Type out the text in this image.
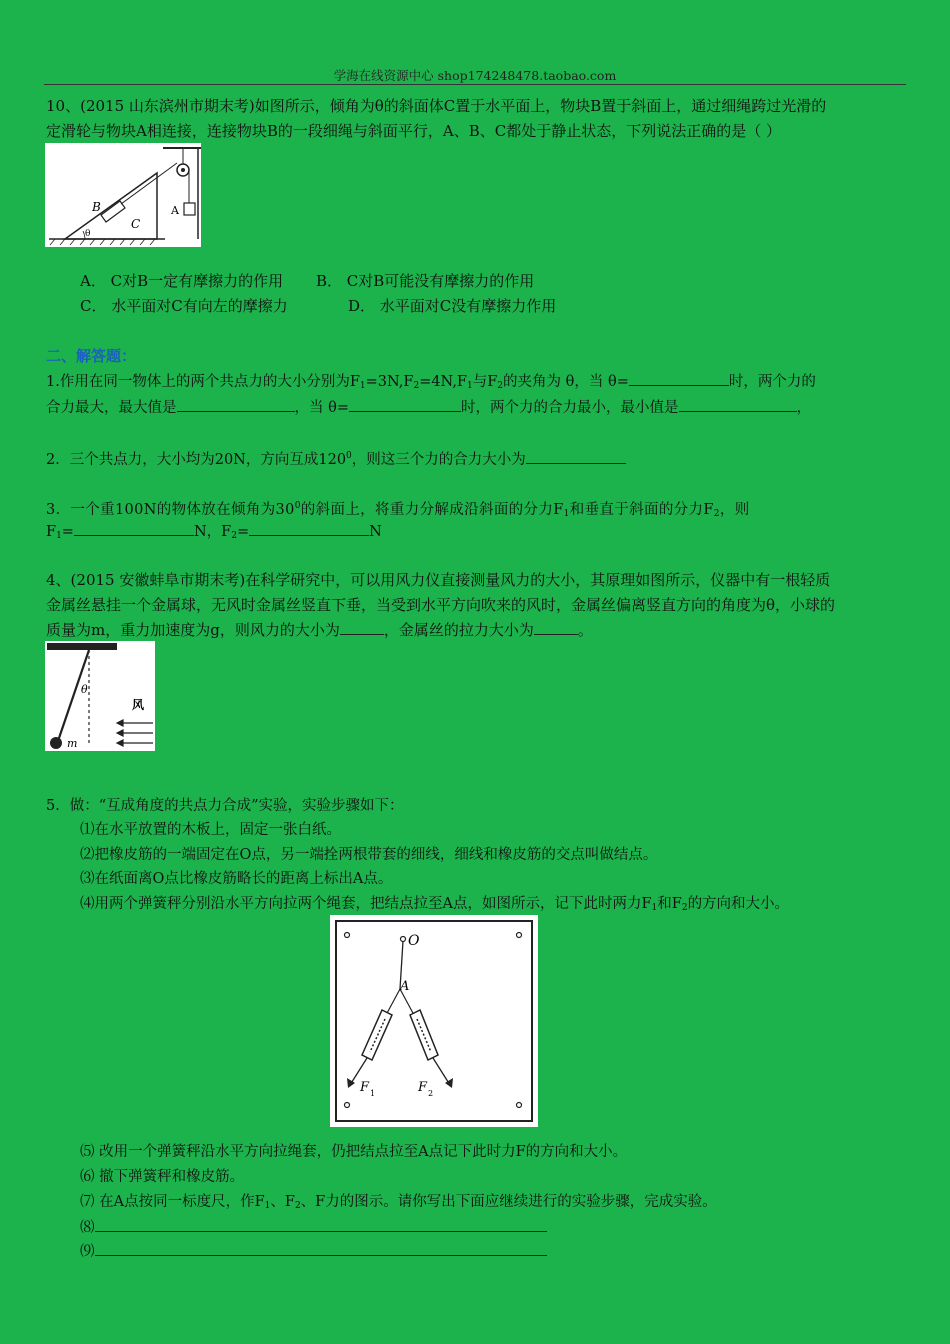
学海在线资源中心 shop174248478.taobao.com
10、(2015 山东滨州市期末考)如图所示，倾角为θ的斜面体C置于水平面上，物块B置于斜面上，通过细绳跨过光滑的
定滑轮与物块A相连接，连接物块B的一段细绳与斜面平行，A、B、C都处于静止状态，下列说法正确的是（ ）
B
C
A
θ
A． C对B一定有摩擦力的作用 B． C对B可能没有摩擦力的作用
C． 水平面对C有向左的摩擦力	D． 水平面对C没有摩擦力作用
二、解答题：
1.作用在同一物体上的两个共点力的大小分别为$F_1=3N,F_2=4N,F_1$与$F_2$的夹角为 θ，当 θ=	时，两个力的
合力最大，最大值是	，当 θ=	时，两个力的合力最小，最小值是	，
2．三个共点力，大小均为20N，方向互成$120^0$，则这三个力的合力大小为
3．一个重100N的物体放在倾角为$30^0$的斜面上，将重力分解成沿斜面的分力$F_1$和垂直于斜面的分力$F_2$，则
$F_1=$	N，$F_2=$	N
4、(2015 安徽蚌阜市期末考)在科学研究中，可以用风力仪直接测量风力的大小，其原理如图所示，仪器中有一根轻质
金属丝悬挂一个金属球，无风时金属丝竖直下垂，当受到水平方向吹来的风时，金属丝偏离竖直方向的角度为θ，小球的
质量为m，重力加速度为g，则风力的大小为	，金属丝的拉力大小为	。
θ
m
风
5．做：“互成角度的共点力合成”实验，实验步骤如下：
⑴在水平放置的木板上，固定一张白纸。
⑵把橡皮筋的一端固定在O点，另一端拴两根带套的细线，细线和橡皮筋的交点叫做结点。
⑶在纸面离O点比橡皮筋略长的距离上标出A点。
⑷用两个弹簧秤分别沿水平方向拉两个绳套，把结点拉至A点，如图所示，记下此时两力$F_1$和$F_2$的方向和大小。
O
A
F 1	F 2
⑸ 改用一个弹簧秤沿水平方向拉绳套，仍把结点拉至A点记下此时力F的方向和大小。
⑹ 撤下弹簧秤和橡皮筋。
⑺ 在A点按同一标度尺，作$F_1$、$F_2$、F力的图示。请你写出下面应继续进行的实验步骤，完成实验。
⑻
⑼
